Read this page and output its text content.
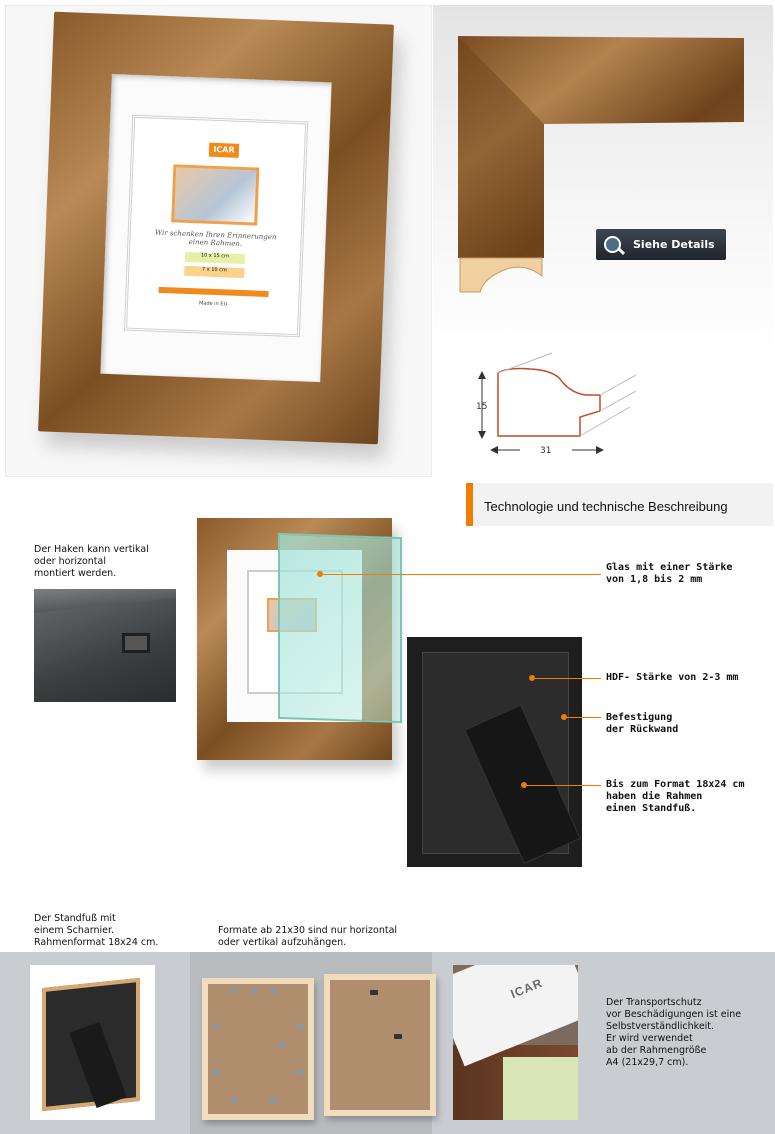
ICAR
Wir schenken Ihren Erinnerungen einen Rahmen.
10 x 15 cm
7 x 10 cm
Made in EU
Siehe Details
15
31
Technologie und technische Beschreibung
Der Haken kann vertikal
oder horizontal
montiert werden.
Glas mit einer Stärke
von 1,8 bis 2 mm
HDF- Stärke von 2-3 mm
Befestigung
der Rückwand
Bis zum Format 18x24 cm
haben die Rahmen
einen Standfuß.
Der Standfuß mit
einem Scharnier.
Rahmenformat 18x24 cm.
Formate ab 21x30 sind nur horizontal
oder vertikal aufzuhängen.
ICAR
Der Transportschutz
vor Beschädigungen ist eine
Selbstverständlichkeit.
Er wird verwendet
ab der Rahmengröße
A4 (21x29,7 cm).
